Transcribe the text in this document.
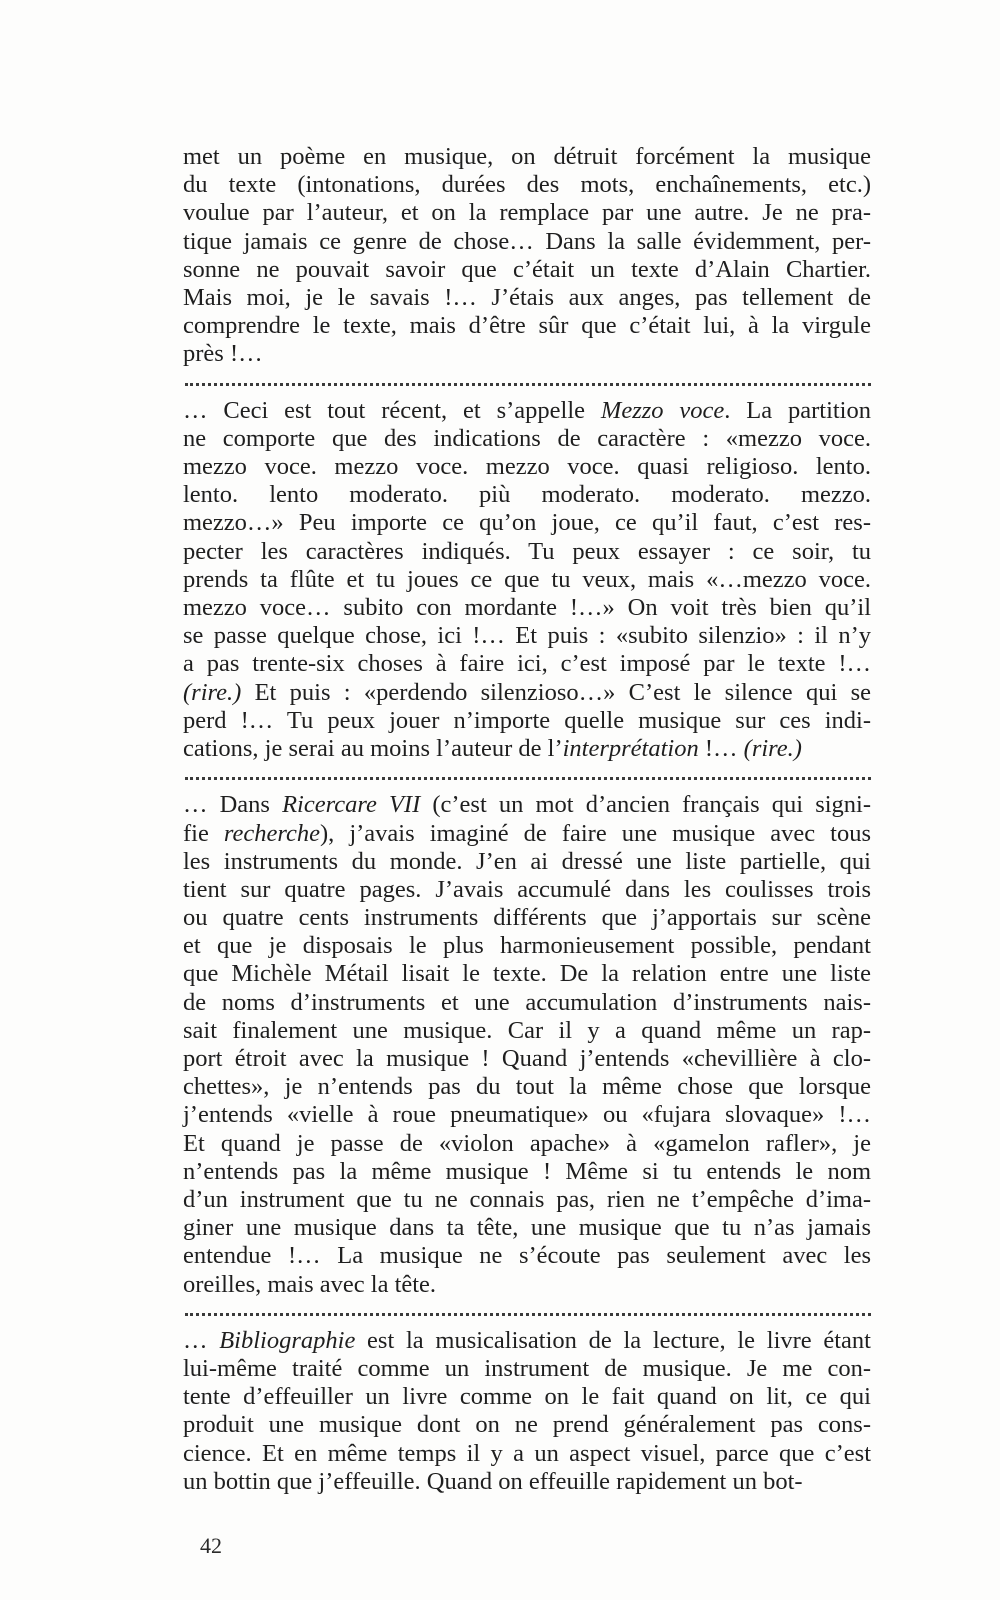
met un poème en musique, on détruit forcément la musique
du texte (intonations, durées des mots, enchaînements, etc.)
voulue par l’auteur, et on la remplace par une autre. Je ne pra-
tique jamais ce genre de chose… Dans la salle évidemment, per-
sonne ne pouvait savoir que c’était un texte d’Alain Chartier.
Mais moi, je le savais !… J’étais aux anges, pas tellement de
comprendre le texte, mais d’être sûr que c’était lui, à la virgule
près !…
… Ceci est tout récent, et s’appelle Mezzo voce. La partition
ne comporte que des indications de caractère : «mezzo voce.
mezzo voce. mezzo voce. mezzo voce. quasi religioso. lento.
lento. lento moderato. più moderato. moderato. mezzo.
mezzo…» Peu importe ce qu’on joue, ce qu’il faut, c’est res-
pecter les caractères indiqués. Tu peux essayer : ce soir, tu
prends ta flûte et tu joues ce que tu veux, mais «…mezzo voce.
mezzo voce… subito con mordante !…» On voit très bien qu’il
se passe quelque chose, ici !… Et puis : «subito silenzio» : il n’y
a pas trente-six choses à faire ici, c’est imposé par le texte !…
(rire.) Et puis : «perdendo silenzioso…» C’est le silence qui se
perd !… Tu peux jouer n’importe quelle musique sur ces indi-
cations, je serai au moins l’auteur de l’interprétation !… (rire.)
… Dans Ricercare VII (c’est un mot d’ancien français qui signi-
fie recherche), j’avais imaginé de faire une musique avec tous
les instruments du monde. J’en ai dressé une liste partielle, qui
tient sur quatre pages. J’avais accumulé dans les coulisses trois
ou quatre cents instruments différents que j’apportais sur scène
et que je disposais le plus harmonieusement possible, pendant
que Michèle Métail lisait le texte. De la relation entre une liste
de noms d’instruments et une accumulation d’instruments nais-
sait finalement une musique. Car il y a quand même un rap-
port étroit avec la musique ! Quand j’entends «chevillière à clo-
chettes», je n’entends pas du tout la même chose que lorsque
j’entends «vielle à roue pneumatique» ou «fujara slovaque» !…
Et quand je passe de «violon apache» à «gamelon rafler», je
n’entends pas la même musique ! Même si tu entends le nom
d’un instrument que tu ne connais pas, rien ne t’empêche d’ima-
giner une musique dans ta tête, une musique que tu n’as jamais
entendue !… La musique ne s’écoute pas seulement avec les
oreilles, mais avec la tête.
… Bibliographie est la musicalisation de la lecture, le livre étant
lui-même traité comme un instrument de musique. Je me con-
tente d’effeuiller un livre comme on le fait quand on lit, ce qui
produit une musique dont on ne prend généralement pas cons-
cience. Et en même temps il y a un aspect visuel, parce que c’est
un bottin que j’effeuille. Quand on effeuille rapidement un bot-
42
